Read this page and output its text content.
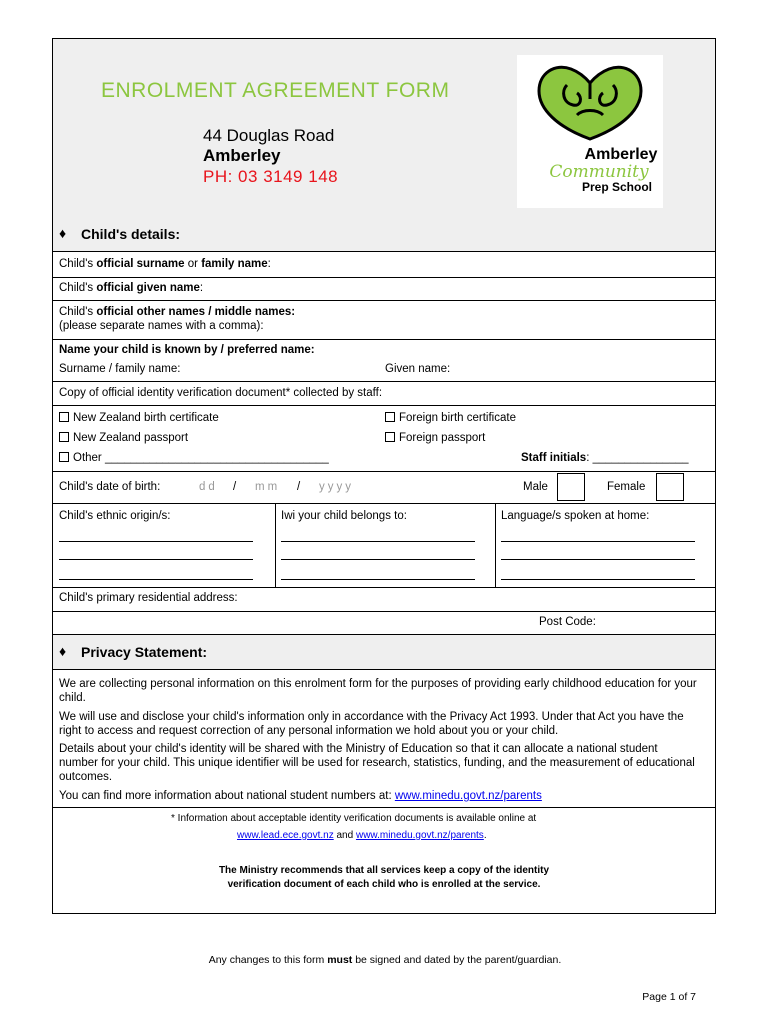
ENROLMENT AGREEMENT FORM
44 Douglas Road
Amberley
PH: 03 3149 148
Amberley
Community
Prep School
♦ Child's details:
Child's official surname or family name:
Child's official given name:
Child's official other names / middle names:
(please separate names with a comma):
Name your child is known by / preferred name:
Surname / family name:	Given name:
Copy of official identity verification document* collected by staff:
New Zealand birth certificate	Foreign birth certificate
New Zealand passport	Foreign passport
Other ___________________________________	Staff initials: _______________
Child's date of birth:	dd / mm / yyyy	Male	Female
Child's ethnic origin/s:	Iwi your child belongs to:	Language/s spoken at home:
Child's primary residential address:
Post Code:
♦ Privacy Statement:
We are collecting personal information on this enrolment form for the purposes of providing early childhood education for your child.
We will use and disclose your child's information only in accordance with the Privacy Act 1993. Under that Act you have the right to access and request correction of any personal information we hold about you or your child.
Details about your child's identity will be shared with the Ministry of Education so that it can allocate a national student number for your child. This unique identifier will be used for research, statistics, funding, and the measurement of educational outcomes.
You can find more information about national student numbers at: www.minedu.govt.nz/parents
* Information about acceptable identity verification documents is available online at
www.lead.ece.govt.nz and www.minedu.govt.nz/parents.
The Ministry recommends that all services keep a copy of the identity
verification document of each child who is enrolled at the service.
Any changes to this form must be signed and dated by the parent/guardian.
Page 1 of 7
